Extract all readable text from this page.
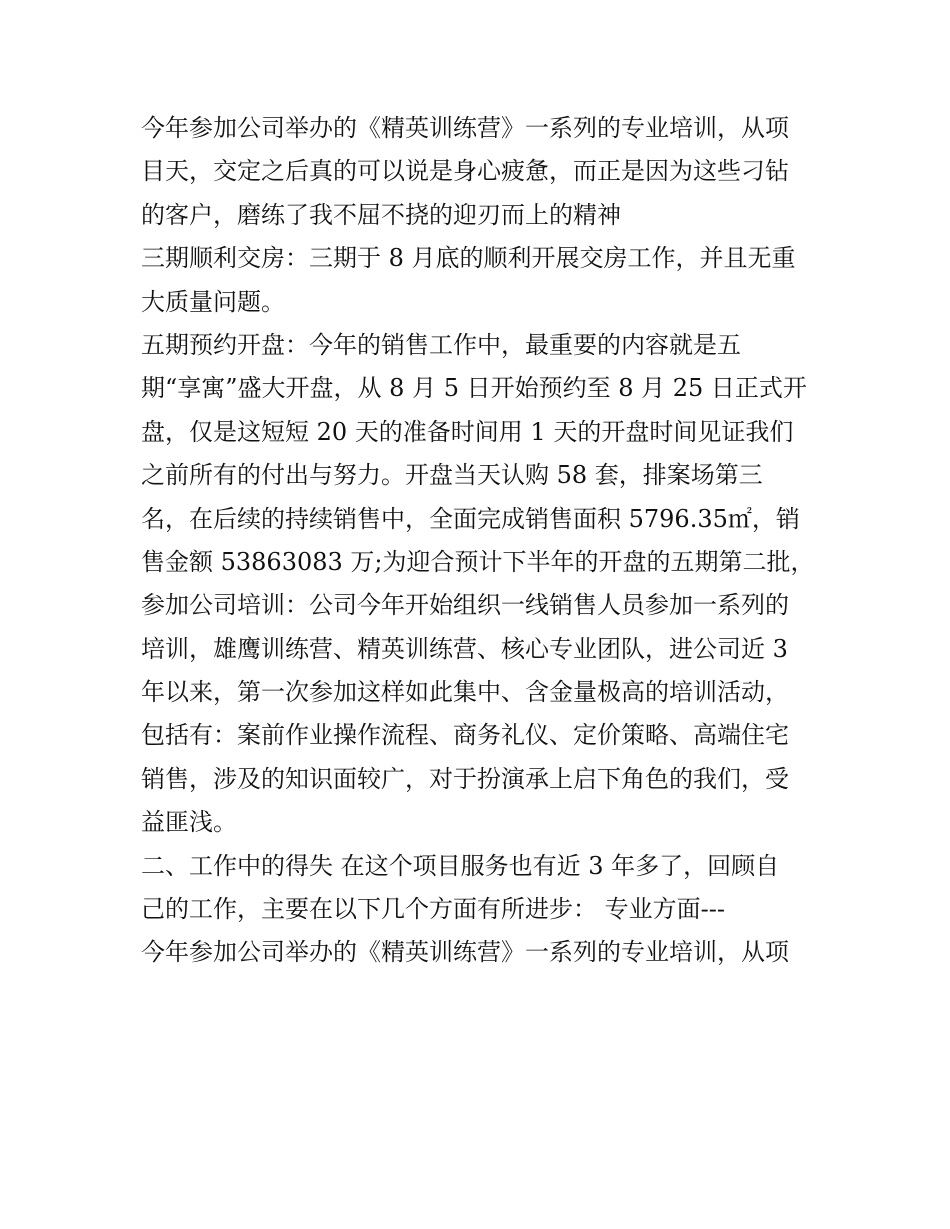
今年参加公司举办的《精英训练营》一系列的专业培训，从项
目天，交定之后真的可以说是身心疲惫，而正是因为这些刁钻
的客户，磨练了我不屈不挠的迎刃而上的精神
三期顺利交房：三期于 8 月底的顺利开展交房工作，并且无重
大质量问题。
五期预约开盘：今年的销售工作中，最重要的内容就是五
期“享寓”盛大开盘，从 8 月 5 日开始预约至 8 月 25 日正式开
盘，仅是这短短 20 天的准备时间用 1 天的开盘时间见证我们
之前所有的付出与努力。开盘当天认购 58 套，排案场第三
名，在后续的持续销售中，全面完成销售面积 5796.35㎡，销
售金额 53863083 万;为迎合预计下半年的开盘的五期第二批，
参加公司培训：公司今年开始组织一线销售人员参加一系列的
培训，雄鹰训练营、精英训练营、核心专业团队，进公司近 3
年以来，第一次参加这样如此集中、含金量极高的培训活动，
包括有：案前作业操作流程、商务礼仪、定价策略、高端住宅
销售，涉及的知识面较广，对于扮演承上启下角色的我们，受
益匪浅。
二、工作中的得失 在这个项目服务也有近 3 年多了，回顾自
己的工作，主要在以下几个方面有所进步： 专业方面---
今年参加公司举办的《精英训练营》一系列的专业培训，从项
